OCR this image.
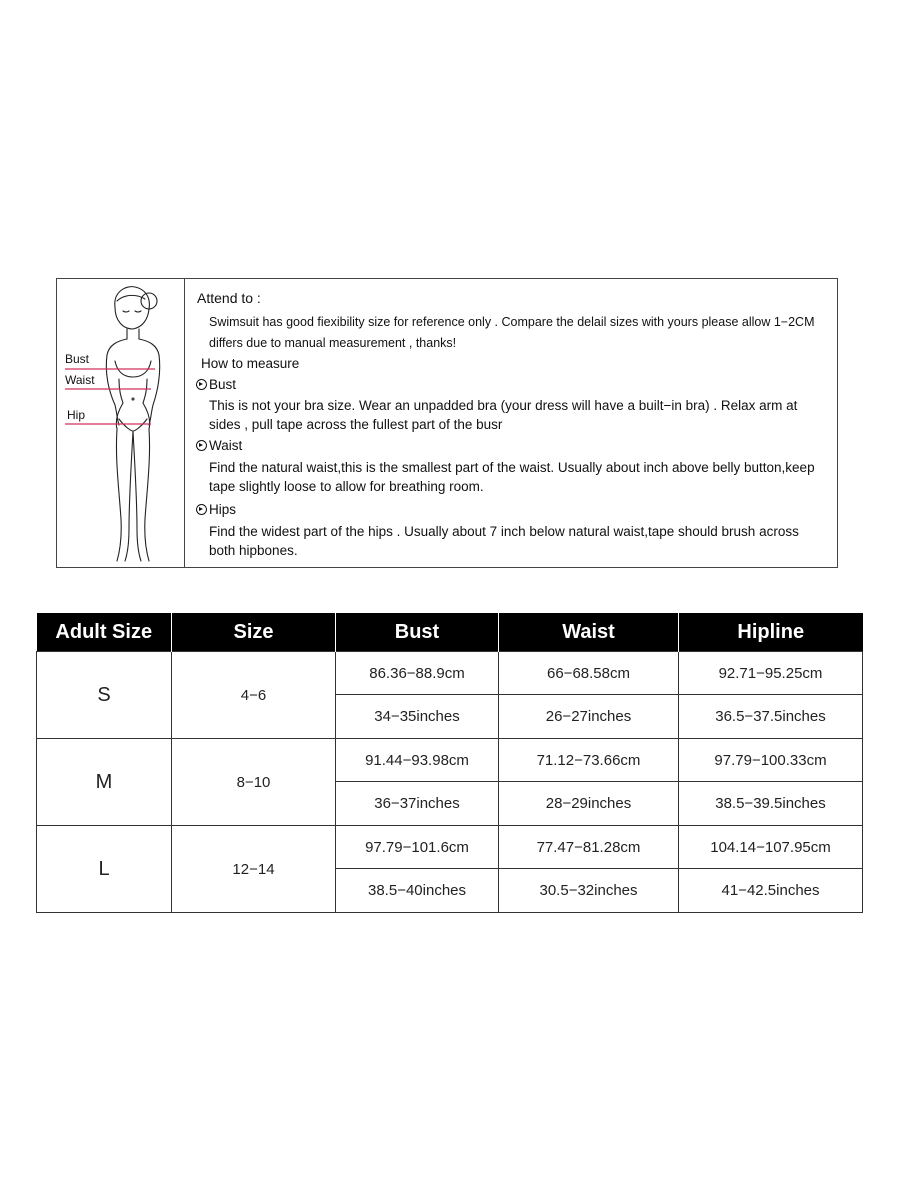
Bust
Waist
Hip
Attend to :
Swimsuit has good fiexibility size for reference only . Compare the delail sizes with yours please allow 1−2CM
differs due to manual measurement , thanks!
How to measure
Bust
This is not your bra size. Wear an unpadded bra (your dress will have a built−in bra) . Relax arm at
sides , pull tape across the fullest part of the busr
Waist
Find the natural waist,this is the smallest part of the waist. Usually about inch above belly button,keep
tape slightly loose to allow for breathing room.
Hips
Find the widest part of the hips . Usually about 7 inch below natural waist,tape should brush across
both hipbones.
Adult Size	Size	Bust	Waist	Hipline
S	4−6	86.36−88.9cm	66−68.58cm	92.71−95.25cm
		34−35inches	26−27inches	36.5−37.5inches
M	8−10	91.44−93.98cm	71.12−73.66cm	97.79−100.33cm
		36−37inches	28−29inches	38.5−39.5inches
L	12−14	97.79−101.6cm	77.47−81.28cm	104.14−107.95cm
		38.5−40inches	30.5−32inches	41−42.5inches
